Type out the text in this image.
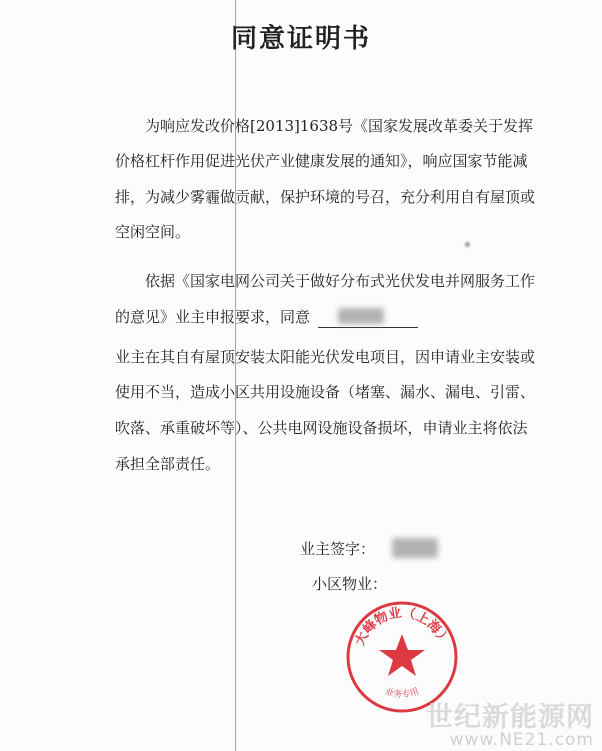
同意证明书
为响应发改价格[2013]1638号《国家发展改革委关于发挥
价格杠杆作用促进光伏产业健康发展的通知》，响应国家节能减
排，为减少雾霾做贡献，保护环境的号召，充分利用自有屋顶或
空闲空间。
依据《国家电网公司关于做好分布式光伏发电并网服务工作
的意见》业主申报要求，同意
业主在其自有屋顶安装太阳能光伏发电项目，因申请业主安装或
使用不当，造成小区共用设施设备（堵塞、漏水、漏电、引雷、
吹落、承重破坏等）、公共电网设施设备损坏，申请业主将依法
承担全部责任。
业主签字：
小区物业：
大峰物业（上海）
业务专用
世纪新能源网
www.NE21.com
